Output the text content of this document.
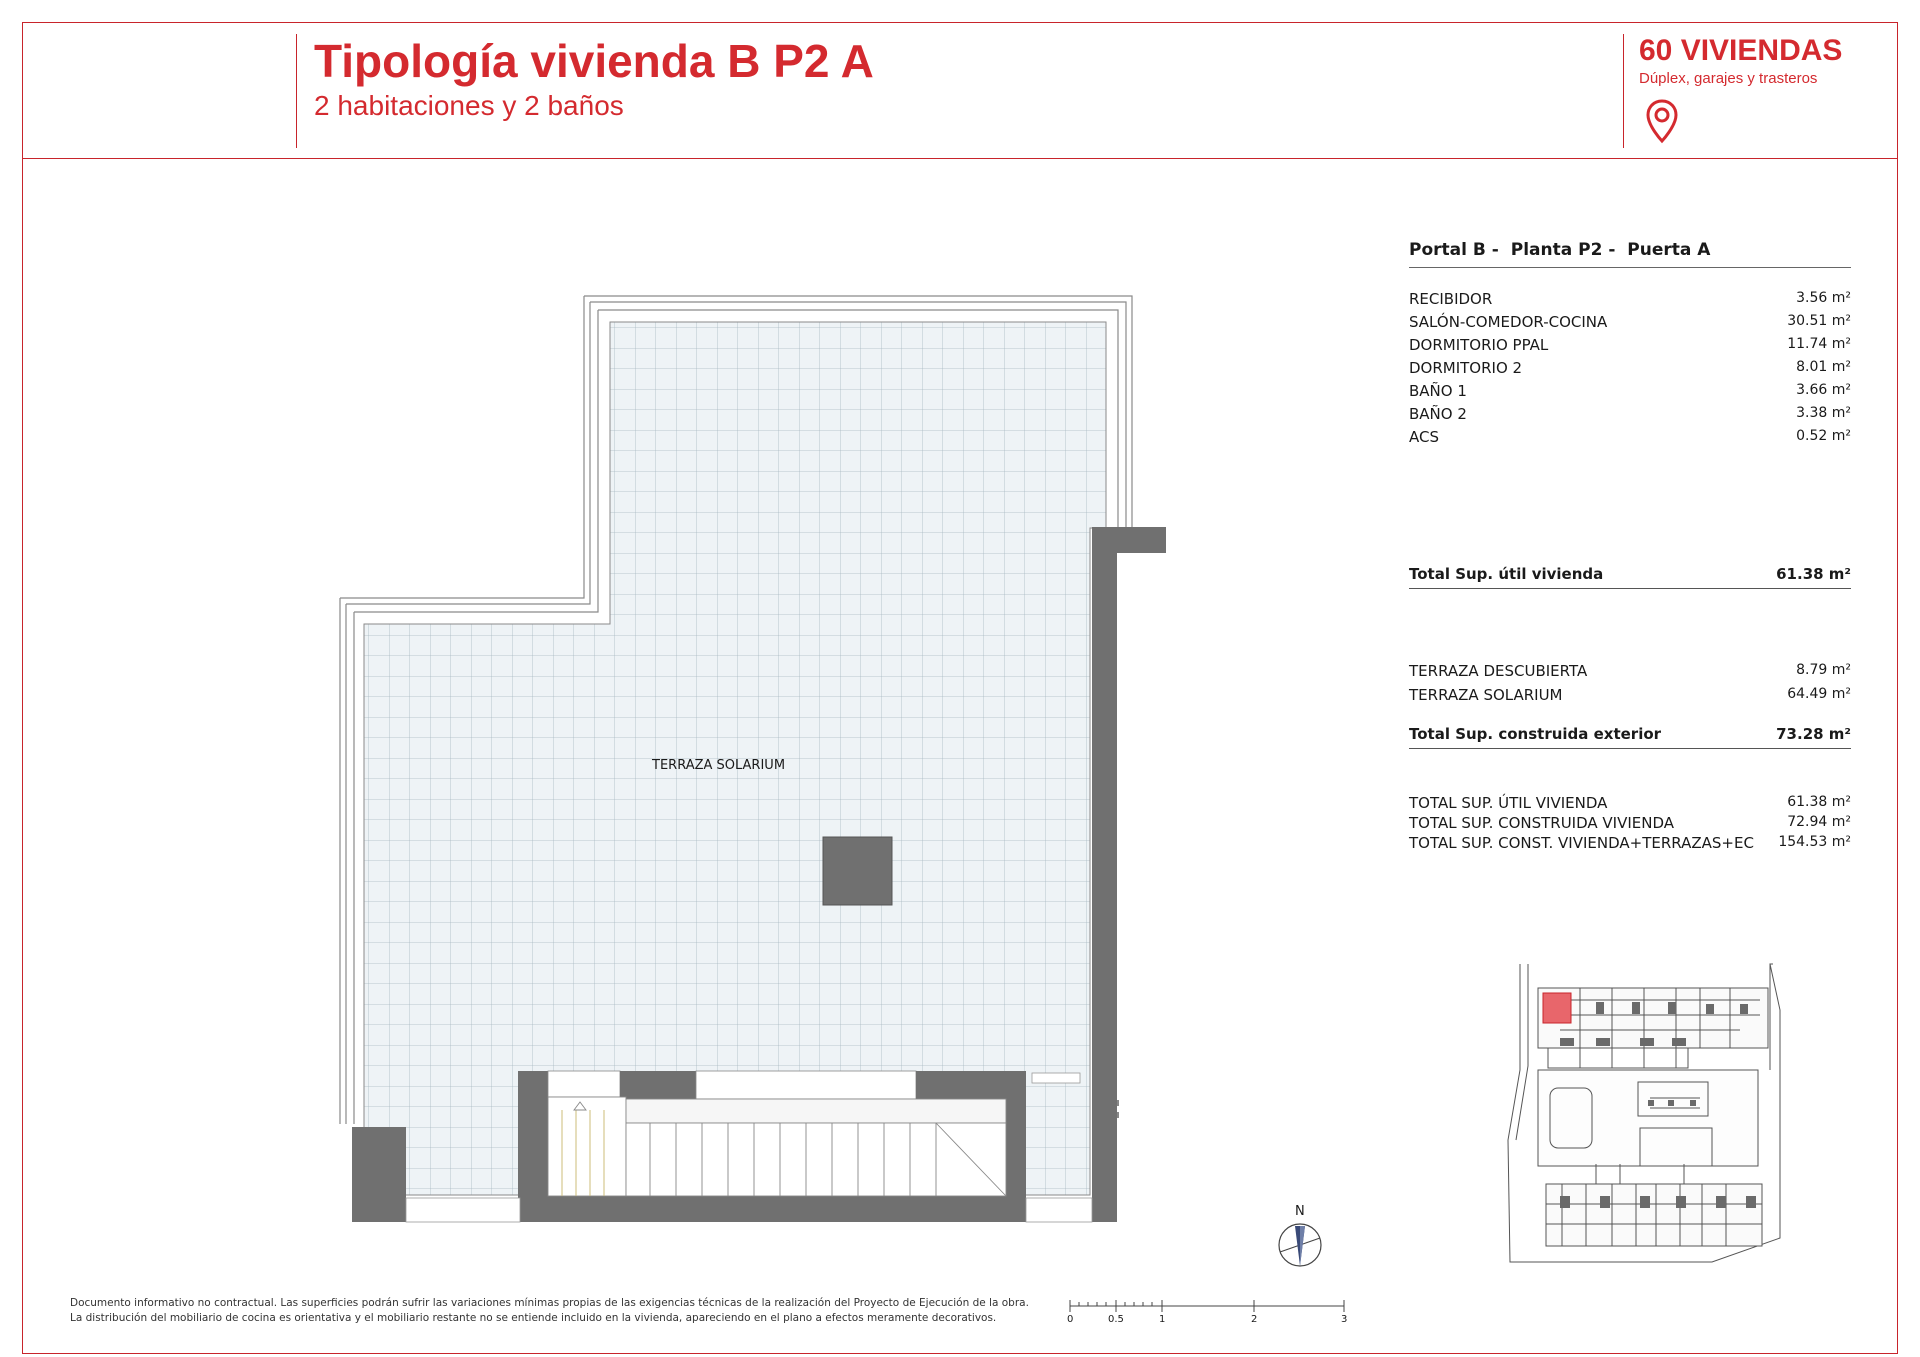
Tipología vivienda B P2 A
2 habitaciones y 2 baños
60 VIVIENDAS
Dúplex, garajes y trasteros
TERRAZA SOLARIUM
N
0	0.5	1	2	3
Portal B - Planta P2 - Puerta A
RECIBIDOR	3.56 m²
SALÓN-COMEDOR-COCINA	30.51 m²
DORMITORIO PPAL	11.74 m²
DORMITORIO 2	8.01 m²
BAÑO 1	3.66 m²
BAÑO 2	3.38 m²
ACS	0.52 m²
Total Sup. útil vivienda	61.38 m²
TERRAZA DESCUBIERTA	8.79 m²
TERRAZA SOLARIUM	64.49 m²
Total Sup. construida exterior	73.28 m²
TOTAL SUP. ÚTIL VIVIENDA	61.38 m²
TOTAL SUP. CONSTRUIDA VIVIENDA	72.94 m²
TOTAL SUP. CONST. VIVIENDA+TERRAZAS+EC 154.53 m²
Documento informativo no contractual. Las superficies podrán sufrir las variaciones mínimas propias de las exigencias técnicas de la realización del Proyecto de Ejecución de la obra.
La distribución del mobiliario de cocina es orientativa y el mobiliario restante no se entiende incluido en la vivienda, apareciendo en el plano a efectos meramente decorativos.
